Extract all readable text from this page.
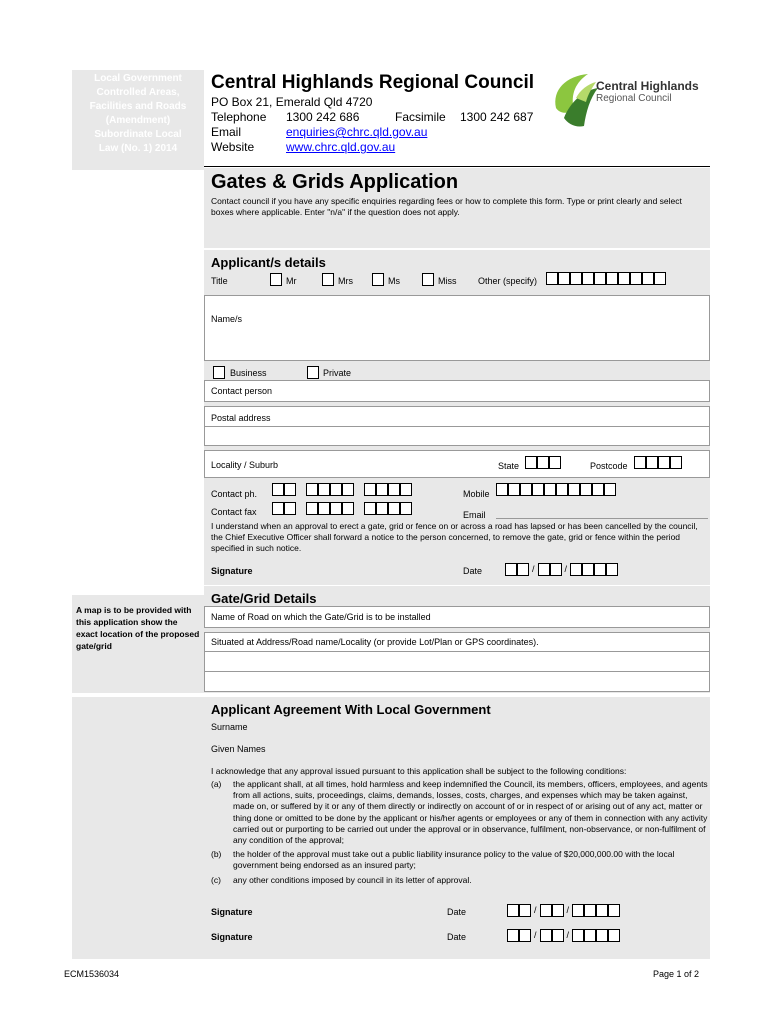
Local Government
Controlled Areas,
Facilities and Roads
(Amendment)
Subordinate Local
Law (No. 1) 2014
A map is to be provided with this application show the exact location of the proposed gate/grid
Central Highlands Regional Council
PO Box 21, Emerald Qld 4720
Telephone 1300 242 686	Facsimile 1300 242 687
Email	enquiries@chrc.qld.gov.au
Website	www.chrc.qld.gov.au
Central Highlands
Regional Council
Gates & Grids Application
Contact council if you have any specific enquiries regarding fees or how to complete this form. Type or print clearly and select boxes where applicable. Enter "n/a" if the question does not apply.
Applicant/s details
Title	Mr	Mrs	Ms	Miss Other (specify)
Name/s
Business	Private
Contact person
Postal address
Locality / Suburb	State	Postcode
Contact ph.	Mobile
Contact fax	Email
I understand when an approval to erect a gate, grid or fence on or across a road has lapsed or has been cancelled by the council, the Chief Executive Officer shall forward a notice to the person concerned, to remove the gate, grid or fence within the period specified in such notice.
Signature	Date	/	/
Gate/Grid Details
Name of Road on which the Gate/Grid is to be installed
Situated at Address/Road name/Locality (or provide Lot/Plan or GPS coordinates).
Applicant Agreement With Local Government
Surname
Given Names
I acknowledge that any approval issued pursuant to this application shall be subject to the following conditions:
(a) the applicant shall, at all times, hold harmless and keep indemnified the Council, its members, officers, employees, and agents from all actions, suits, proceedings, claims, demands, losses, costs, charges, and expenses which may be taken against, made on, or suffered by it or any of them directly or indirectly on account of or in respect of or arising out of any act, matter or thing done or omitted to be done by the applicant or his/her agents or employees or any of them in connection with any activity carried out or purporting to be carried out under the approval or in observance, fulfilment, non-observance, or non-fulfilment of any condition of the approval;
(b) the holder of the approval must take out a public liability insurance policy to the value of $20,000,000.00 with the local government being endorsed as an insured party;
(c) any other conditions imposed by council in its letter of approval.
Signature	Date	/	/
Signature	Date	/	/
ECM1536034	Page 1 of 2
